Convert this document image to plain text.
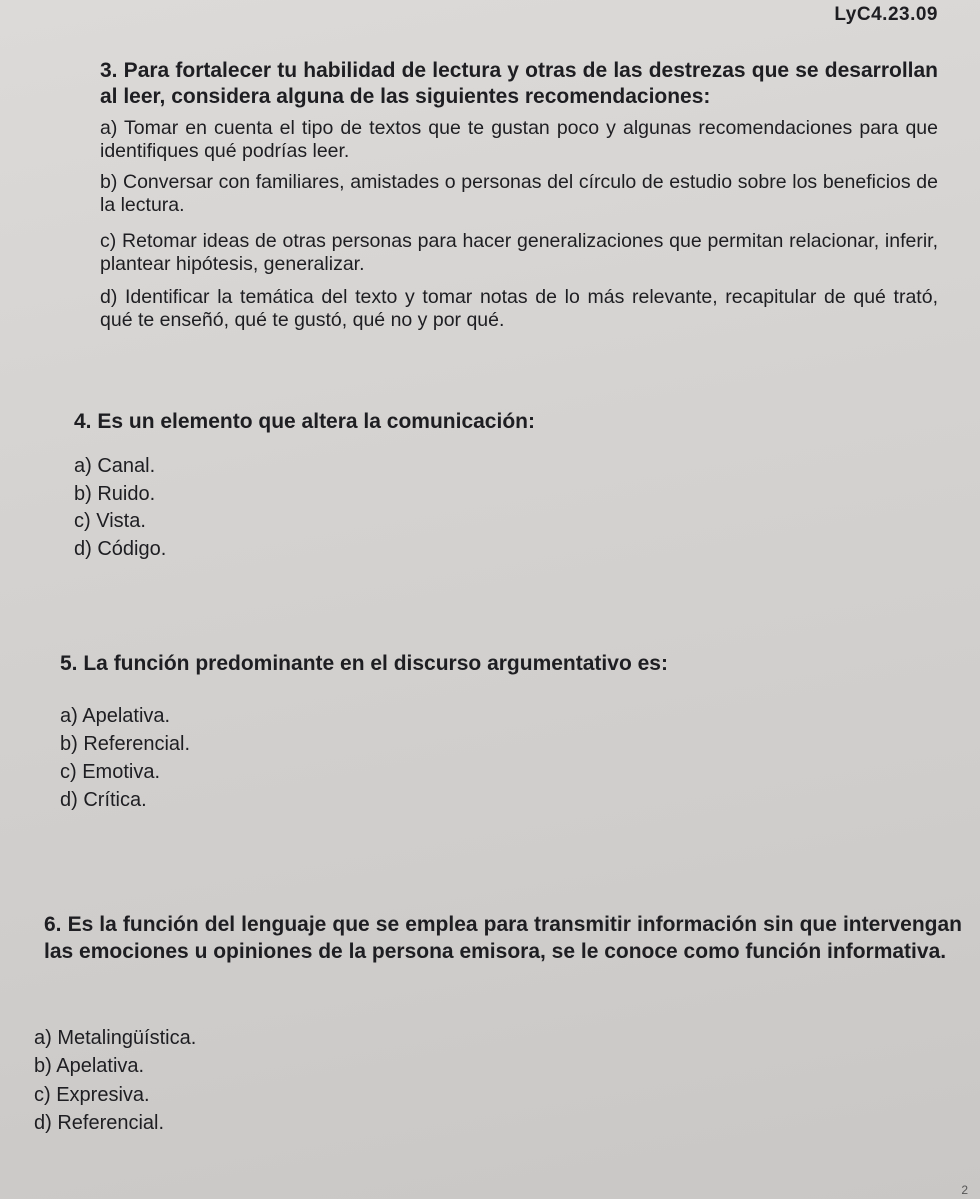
LyC4.23.09
3. Para fortalecer tu habilidad de lectura y otras de las destrezas que se desarrollan al leer, considera alguna de las siguientes recomendaciones:
a) Tomar en cuenta el tipo de textos que te gustan poco y algunas recomendaciones para que identifiques qué podrías leer.
b) Conversar con familiares, amistades o personas del círculo de estudio sobre los beneficios de la lectura.
c) Retomar ideas de otras personas para hacer generalizaciones que permitan relacionar, inferir, plantear hipótesis, generalizar.
d) Identificar la temática del texto y tomar notas de lo más relevante, recapitular de qué trató, qué te enseñó, qué te gustó, qué no y por qué.
4. Es un elemento que altera la comunicación:
a) Canal.
b) Ruido.
c) Vista.
d) Código.
5. La función predominante en el discurso argumentativo es:
a) Apelativa.
b) Referencial.
c) Emotiva.
d) Crítica.
6. Es la función del lenguaje que se emplea para transmitir información sin que intervengan las emociones u opiniones de la persona emisora, se le conoce como función informativa.
a) Metalingüística.
b) Apelativa.
c) Expresiva.
d) Referencial.
2
